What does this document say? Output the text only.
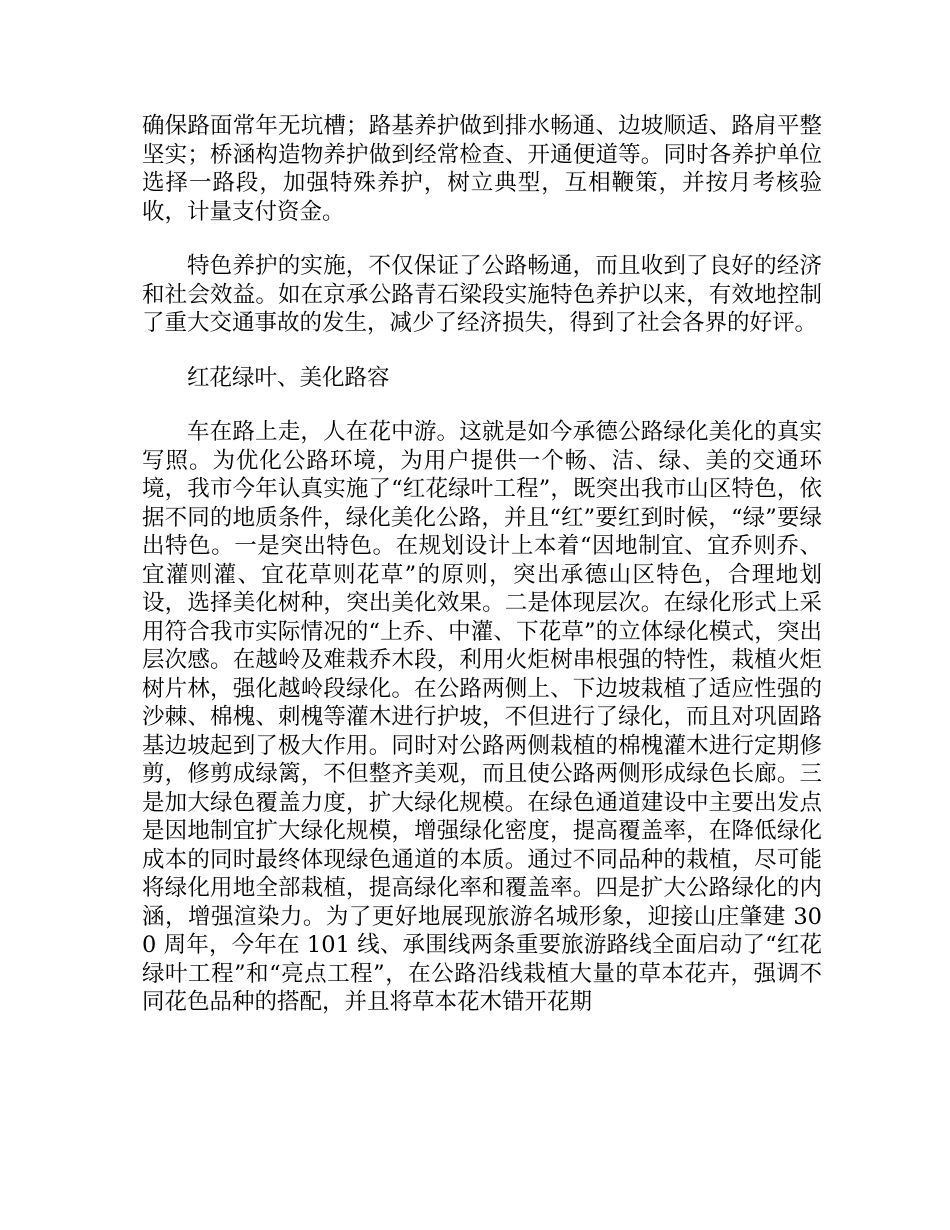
确保路面常年无坑槽；路基养护做到排水畅通、边坡顺适、路肩平整坚实；桥涵构造物养护做到经常检查、开通便道等。同时各养护单位选择一路段，加强特殊养护，树立典型，互相鞭策，并按月考核验收，计量支付资金。

特色养护的实施，不仅保证了公路畅通，而且收到了良好的经济和社会效益。如在京承公路青石梁段实施特色养护以来，有效地控制了重大交通事故的发生，减少了经济损失，得到了社会各界的好评。

红花绿叶、美化路容

车在路上走，人在花中游。这就是如今承德公路绿化美化的真实写照。为优化公路环境，为用户提供一个畅、洁、绿、美的交通环境，我市今年认真实施了“红花绿叶工程”，既突出我市山区特色，依据不同的地质条件，绿化美化公路，并且“红”要红到时候，“绿”要绿出特色。一是突出特色。在规划设计上本着“因地制宜、宜乔则乔、宜灌则灌、宜花草则花草”的原则，突出承德山区特色，合理地划设，选择美化树种，突出美化效果。二是体现层次。在绿化形式上采用符合我市实际情况的“上乔、中灌、下花草”的立体绿化模式，突出层次感。在越岭及难栽乔木段，利用火炬树串根强的特性，栽植火炬树片林，强化越岭段绿化。在公路两侧上、下边坡栽植了适应性强的沙棘、棉槐、刺槐等灌木进行护坡，不但进行了绿化，而且对巩固路基边坡起到了极大作用。同时对公路两侧栽植的棉槐灌木进行定期修剪，修剪成绿篱，不但整齐美观，而且使公路两侧形成绿色长廊。三是加大绿色覆盖力度，扩大绿化规模。在绿色通道建设中主要出发点是因地制宜扩大绿化规模，增强绿化密度，提高覆盖率，在降低绿化成本的同时最终体现绿色通道的本质。通过不同品种的栽植，尽可能将绿化用地全部栽植，提高绿化率和覆盖率。四是扩大公路绿化的内涵，增强渲染力。为了更好地展现旅游名城形象，迎接山庄肇建 300 周年，今年在 101 线、承围线两条重要旅游路线全面启动了“红花绿叶工程”和“亮点工程”，在公路沿线栽植大量的草本花卉，强调不同花色品种的搭配，并且将草本花木错开花期
